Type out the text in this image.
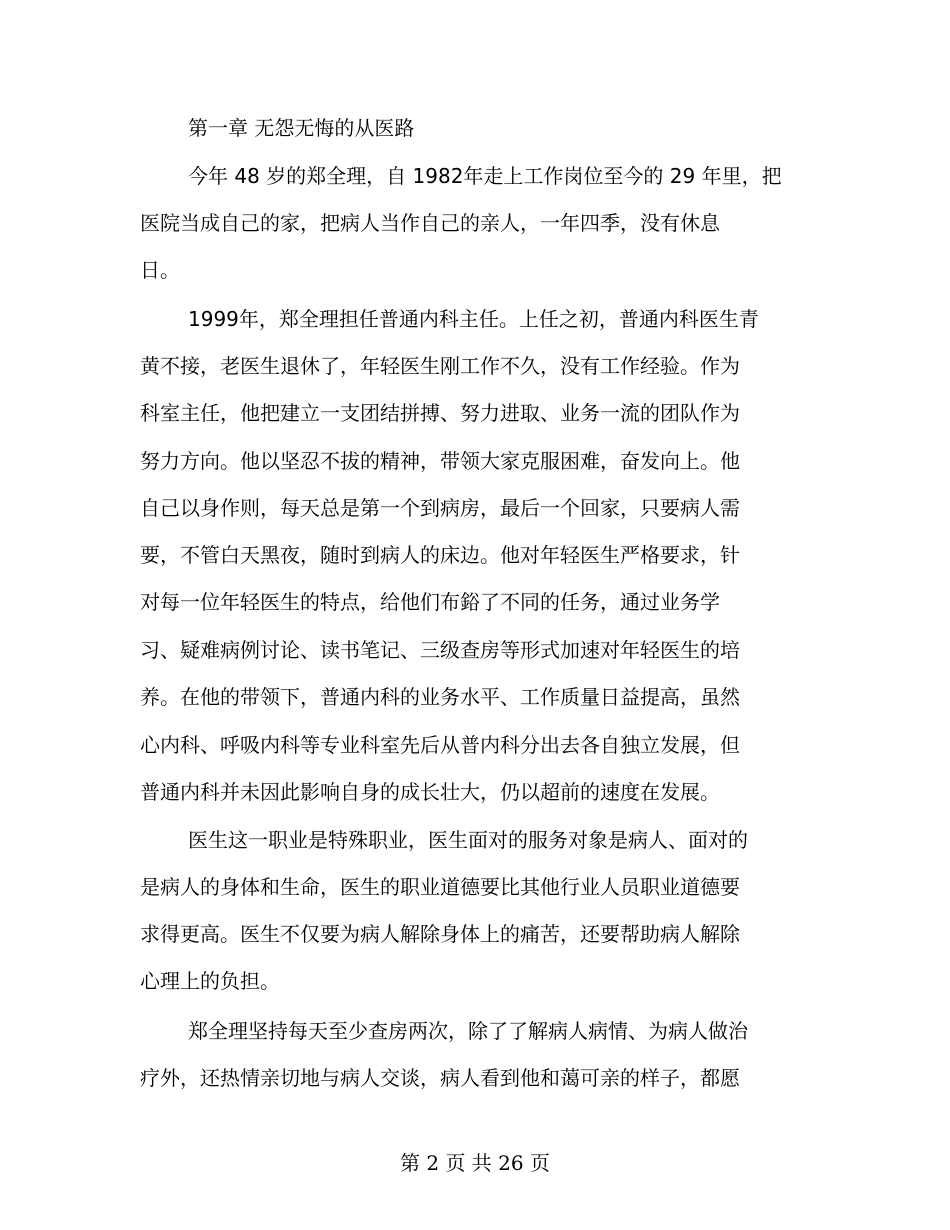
第一章 无怨无悔的从医路
今年 48 岁的郑全理，自 1982年走上工作岗位至今的 29 年里，把
医院当成自己的家，把病人当作自己的亲人，一年四季，没有休息
日。
1999年，郑全理担任普通内科主任。上任之初，普通内科医生青
黄不接，老医生退休了，年轻医生刚工作不久，没有工作经验。作为
科室主任，他把建立一支团结拼搏、努力进取、业务一流的团队作为
努力方向。他以坚忍不拔的精神，带领大家克服困难，奋发向上。他
自己以身作则，每天总是第一个到病房，最后一个回家，只要病人需
要，不管白天黑夜，随时到病人的床边。他对年轻医生严格要求，针
对每一位年轻医生的特点，给他们布鋊了不同的任务，通过业务学
习、疑难病例讨论、读书笔记、三级查房等形式加速对年轻医生的培
养。在他的带领下，普通内科的业务水平、工作质量日益提高，虽然
心内科、呼吸内科等专业科室先后从普内科分出去各自独立发展，但
普通内科并未因此影响自身的成长壮大，仍以超前的速度在发展。
医生这一职业是特殊职业，医生面对的服务对象是病人、面对的
是病人的身体和生命，医生的职业道德要比其他行业人员职业道德要
求得更高。医生不仅要为病人解除身体上的痛苦，还要帮助病人解除
心理上的负担。
郑全理坚持每天至少查房两次，除了了解病人病情、为病人做治
疗外，还热情亲切地与病人交谈，病人看到他和蔼可亲的样子，都愿
第 2 页 共 26 页
